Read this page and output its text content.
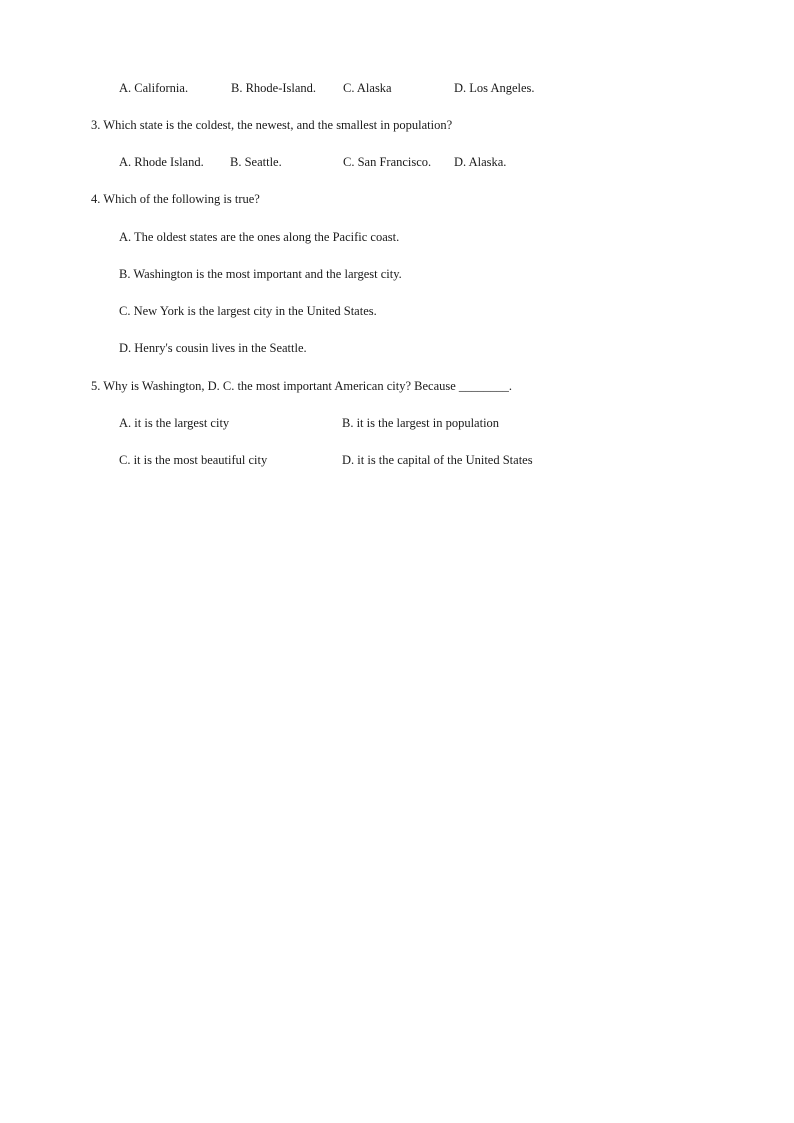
A. California.	B. Rhode-Island. C. Alaska	D. Los Angeles.
3. Which state is the coldest, the newest, and the smallest in population?
A. Rhode Island. B. Seattle.	C. San Francisco. D. Alaska.
4. Which of the following is true?
A. The oldest states are the ones along the Pacific coast.
B. Washington is the most important and the largest city.
C. New York is the largest city in the United States.
D. Henry's cousin lives in the Seattle.
5. Why is Washington, D. C. the most important American city? Because ________.
A. it is the largest city	B. it is the largest in population
C. it is the most beautiful city	D. it is the capital of the United States
